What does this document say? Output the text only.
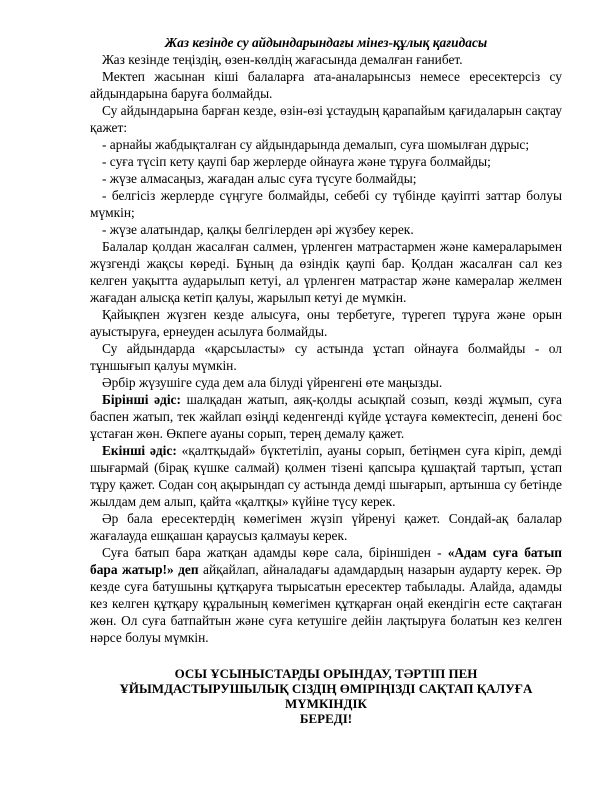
Жаз кезінде су айдындарындағы мінез-құлық қағидасы

Жаз кезінде теңіздің, өзен-көлдің жағасында демалған ғанибет.

Мектеп жасынан кіші балаларға ата-аналарынсыз немесе ересектерсіз су айдындарына баруға болмайды.

Су айдындарына барған кезде, өзін-өзі ұстаудың қарапайым қағидаларын сақтау қажет:

- арнайы жабдықталған су айдындарында демалып, суға шомылған дұрыс;

- суға түсіп кету қаупі бар жерлерде ойнауға және тұруға болмайды;

- жүзе алмасаңыз, жағадан алыс суға түсуге болмайды;

- белгісіз жерлерде сүңгуге болмайды, себебі су түбінде қауіпті заттар болуы мүмкін;

- жүзе алатындар, қалқы белгілерден әрі жүзбеу керек.

Балалар қолдан жасалған салмен, үрленген матрастармен және камераларымен жүзгенді жақсы көреді. Бұның да өзіндік қаупі бар. Қолдан жасалған сал кез келген уақытта аударылып кетуі, ал үрленген матрастар және камералар желмен жағадан алысқа кетіп қалуы, жарылып кетуі де мүмкін.

Қайықпен жүзген кезде алысуға, оны тербетуге, түрегеп тұруға және орын ауыстыруға, ернеуден асылуға болмайды.

Су айдындарда «қарсыласты» су астында ұстап ойнауға болмайды - ол тұншығып қалуы мүмкін.

Әрбір жүзушіге суда дем ала білуді үйренгені өте маңызды.

Бірінші әдіс: шалқадан жатып, аяқ-қолды асықпай созып, көзді жұмып, суға баспен жатып, тек жайлап өзіңді кеденгенді күйде ұстауға көмектесіп, денені бос ұстаған жөн. Өкпеге ауаны сорып, терең демалу қажет.

Екінші әдіс: «қалтқыдай» бүктетіліп, ауаны сорып, бетіңмен суға кіріп, демді шығармай (бірақ күшке салмай) қолмен тізені қапсыра құшақтай тартып, ұстап тұру қажет. Содан соң ақырындап су астында демді шығарып, артынша су бетінде жылдам дем алып, қайта «қалтқы» күйіне түсу керек.

Әр бала ересектердің көмегімен жүзіп үйренуі қажет. Сондай-ақ балалар жағалауда ешқашан қараусыз қалмауы керек.

Суға батып бара жатқан адамды көре сала, біріншіден - «Адам суға батып бара жатыр!» деп айқайлап, айналадағы адамдардың назарын аударту керек. Әр кезде суға батушыны құтқаруға тырысатын ересектер табылады. Алайда, адамды кез келген құтқару құралының көмегімен құтқарған оңай екендігін есте сақтаған жөн. Ол суға батпайтын және суға кетушіге дейін лақтыруға болатын кез келген нәрсе болуы мүмкін.

ОСЫ ҰСЫНЫСТАРДЫ ОРЫНДАУ, ТӘРТІП ПЕН
ҰЙЫМДАСТЫРУШЫЛЫҚ СІЗДІҢ ӨМІРІҢІЗДІ САҚТАП ҚАЛУҒА МҮМКІНДІК
БЕРЕДІ!
